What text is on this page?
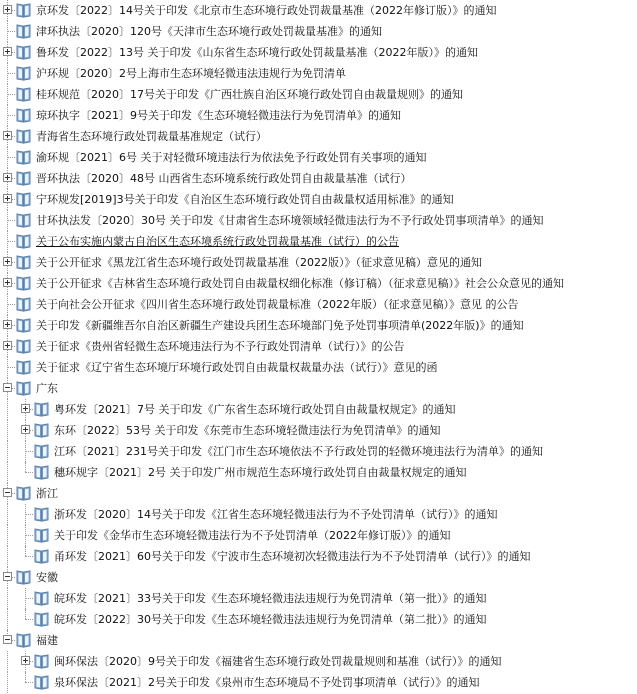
京环发〔2022〕14号关于印发《北京市生态环境行政处罚裁量基准（2022年修订版）》的通知
津环执法〔2020〕120号《天津市生态环境行政处罚裁量基准》的通知
鲁环发〔2022〕13号 关于印发《山东省生态环境行政处罚裁量基准（2022年版）》的通知
沪环规〔2020〕2号上海市生态环境轻微违法违规行为免罚清单
桂环规范〔2020〕17号关于印发《广西壮族自治区环境行政处罚自由裁量规则》的通知
琼环执字〔2021〕9号关于印发《生态环境轻微违法行为免罚清单》的通知
青海省生态环境行政处罚裁量基准规定（试行）
渝环规〔2021〕6号 关于对轻微环境违法行为依法免予行政处罚有关事项的通知
晋环执法〔2020〕48号 山西省生态环境系统行政处罚自由裁量基准（试行）
宁环规发[2019]3号关于印发《自治区生态环境行政处罚自由裁量权适用标准》的通知
甘环执法发〔2020〕30号 关于印发《甘肃省生态环境领域轻微违法行为不予行政处罚事项清单》的通知
关于公布实施内蒙古自治区生态环境系统行政处罚裁量基准（试行）的公告
关于公开征求《黑龙江省生态环境行政处罚裁量基准（2022版）》（征求意见稿）意见的通知
关于公开征求《吉林省生态环境行政处罚自由裁量权细化标准（修订稿）（征求意见稿）》社会公众意见的通知
关于向社会公开征求《四川省生态环境行政处罚裁量标准（2022年版）（征求意见稿）》意见 的公告
关于印发《新疆维吾尔自治区新疆生产建设兵团生态环境部门免予处罚事项清单(2022年版)》的通知
关于征求《贵州省轻微生态环境违法行为不予行政处罚清单（试行）》的公告
关于征求《辽宁省生态环境厅环境行政处罚自由裁量权裁量办法（试行）》意见的函
广东
粤环发〔2021〕7号 关于印发《广东省生态环境行政处罚自由裁量权规定》的通知
东环〔2022〕53号 关于印发《东莞市生态环境轻微违法行为免罚清单》的通知
江环〔2021〕231号关于印发《江门市生态环境依法不予行政处罚的轻微环境违法行为清单》的通知
穗环规字〔2021〕2号 关于印发广州市规范生态环境行政处罚自由裁量权规定的通知
浙江
浙环发〔2020〕14号关于印发《江省生态环境轻微违法行为不予处罚清单（试行）》的通知
关于印发《金华市生态环境轻微违法行为不予处罚清单（2022年修订版）》的通知
甬环发〔2021〕60号关于印发《宁波市生态环境初次轻微违法行为不予处罚清单（试行）》的通知
安徽
皖环发〔2021〕33号关于印发《生态环境轻微违法违规行为免罚清单（第一批）》的通知
皖环发〔2022〕30号关于印发《生态环境轻微违法违规行为免罚清单（第二批）》的通知
福建
闽环保法〔2020〕9号关于印发《福建省生态环境行政处罚裁量规则和基准（试行）》的通知
泉环保法〔2021〕2号关于印发《泉州市生态环境局不予处罚事项清单（试行）》的通知
